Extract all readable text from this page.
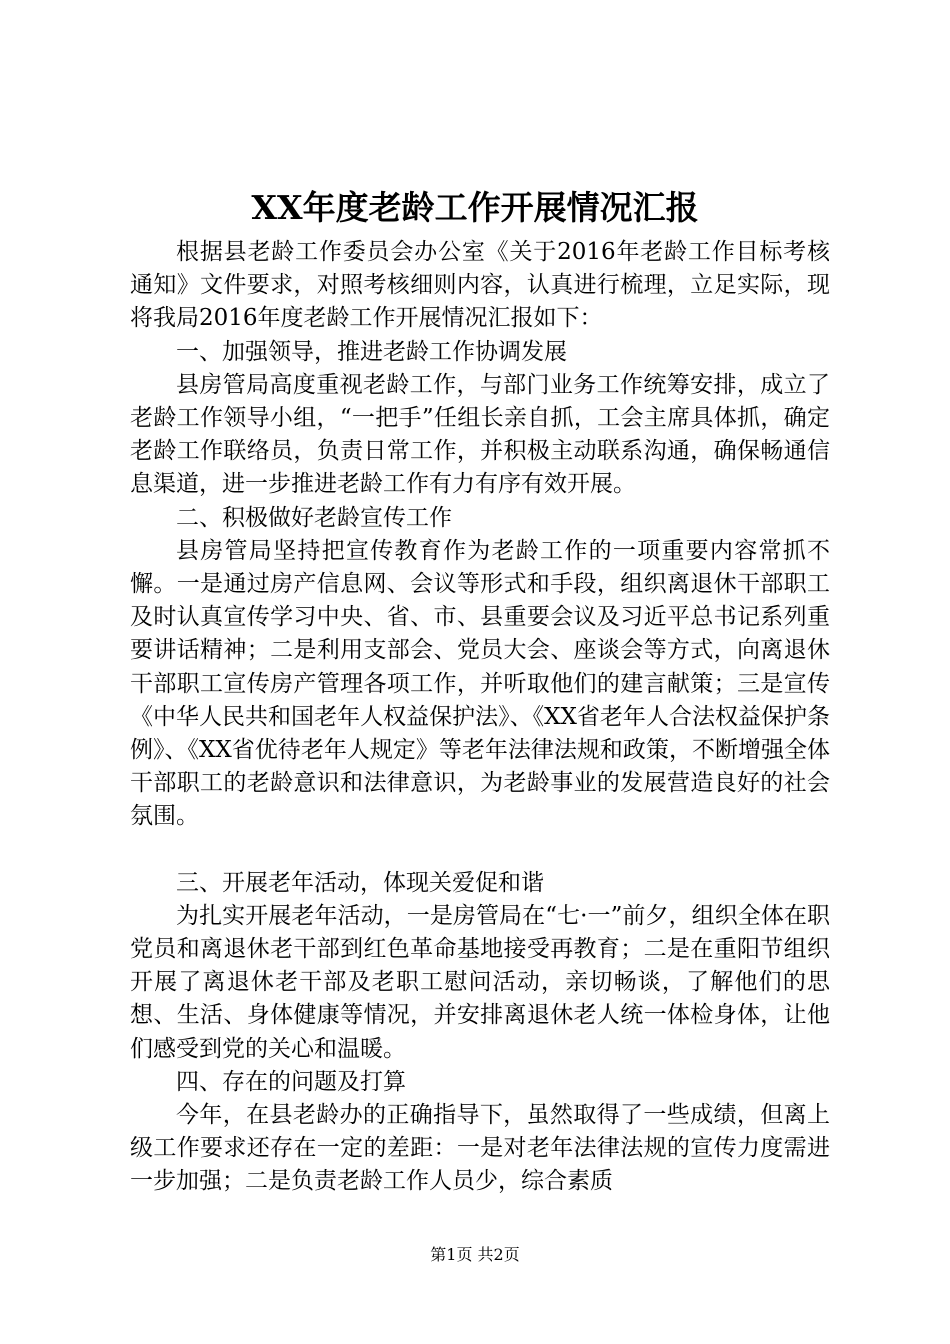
XX年度老龄工作开展情况汇报

根据县老龄工作委员会办公室《关于2016年老龄工作目标考核通知》文件要求，对照考核细则内容，认真进行梳理，立足实际，现将我局2016年度老龄工作开展情况汇报如下：

一、加强领导，推进老龄工作协调发展

县房管局高度重视老龄工作，与部门业务工作统筹安排，成立了老龄工作领导小组，“一把手”任组长亲自抓，工会主席具体抓，确定老龄工作联络员，负责日常工作，并积极主动联系沟通，确保畅通信息渠道，进一步推进老龄工作有力有序有效开展。

二、积极做好老龄宣传工作

县房管局坚持把宣传教育作为老龄工作的一项重要内容常抓不懈。一是通过房产信息网、会议等形式和手段，组织离退休干部职工及时认真宣传学习中央、省、市、县重要会议及习近平总书记系列重要讲话精神；二是利用支部会、党员大会、座谈会等方式，向离退休干部职工宣传房产管理各项工作，并听取他们的建言献策；三是宣传《中华人民共和国老年人权益保护法》、《XX省老年人合法权益保护条例》、《XX省优待老年人规定》等老年法律法规和政策，不断增强全体干部职工的老龄意识和法律意识，为老龄事业的发展营造良好的社会氛围。

三、开展老年活动，体现关爱促和谐

为扎实开展老年活动，一是房管局在“七·一”前夕，组织全体在职党员和离退休老干部到红色革命基地接受再教育；二是在重阳节组织开展了离退休老干部及老职工慰问活动，亲切畅谈，了解他们的思想、生活、身体健康等情况，并安排离退休老人统一体检身体，让他们感受到党的关心和温暖。

四、存在的问题及打算

今年，在县老龄办的正确指导下，虽然取得了一些成绩，但离上级工作要求还存在一定的差距：一是对老年法律法规的宣传力度需进一步加强；二是负责老龄工作人员少，综合素质

第1页 共2页
